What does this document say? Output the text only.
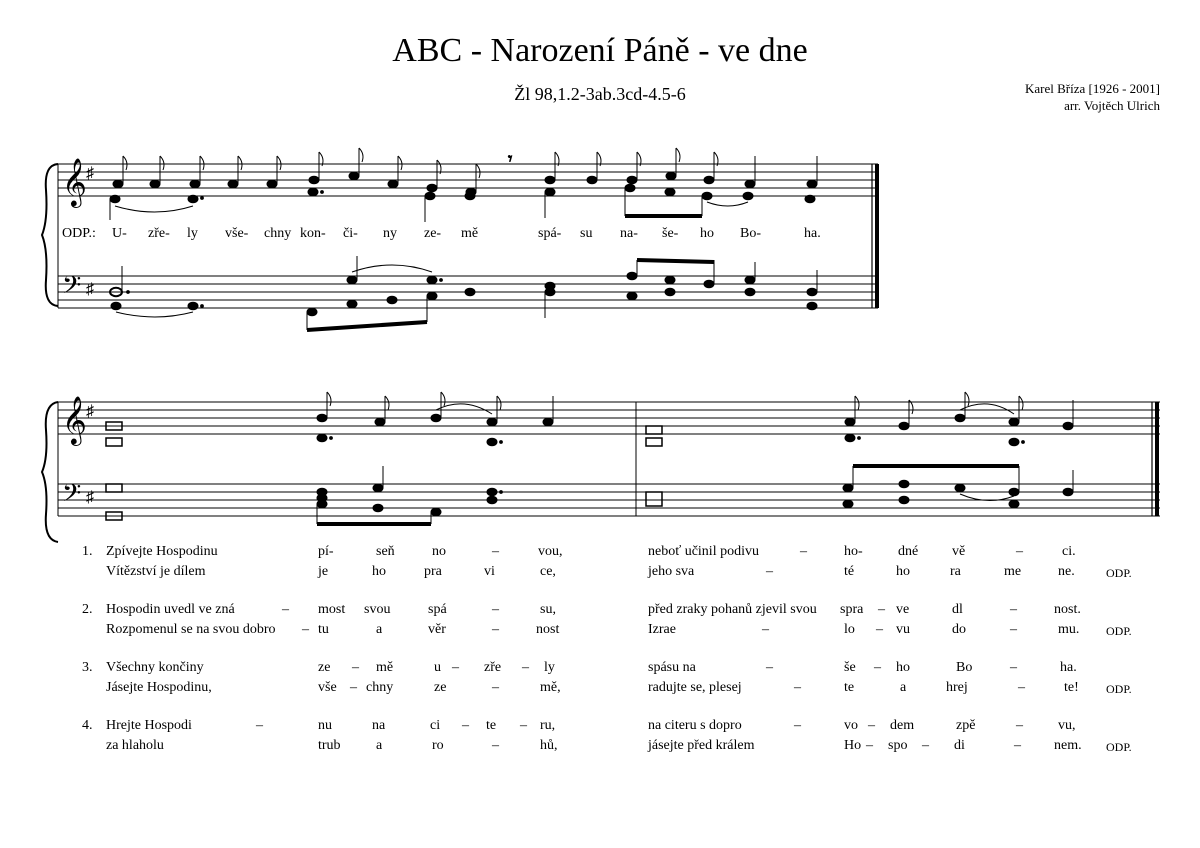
ABC - Narození Páně - ve dne
Žl 98,1.2-3ab.3cd-4.5-6	Karel Bříza [1926 - 2001]
arr. Vojtěch Ulrich
𝄞 ♯
𝄢 ♯
𝄾
𝄞 ♯
𝄢 ♯
ODP.: U- zře- ly vše- chny kon- či- ny ze- mě	spá- su na- še- ho Bo-	ha.
1. Zpívejte Hospodinu	pí-	seň	no	–	vou,	neboť učinil podivu	–	ho-	dné vě	–	ci.
Vítězství je dílem	je	ho	pra	vi	ce,	jeho sva	–	té	ho	ra	me	ne.	ODP.
2. Hospodin uvedl ve zná	– most svou	spá	–	su,	před zraky pohanů zjevil svou spra – ve	dl	–	nost.
Rozpomenul se na svou dobro – tu	a	věr	–	nost	Izrae	–	lo – vu	do	–	mu. ODP.
3. Všechny končiny	ze – mě	u – zře – ly	spásu na	–	še – ho	Bo	–	ha.
Jásejte Hospodinu,	vše – chny	ze	–	mě,	radujte se, plesej	–	te	a	hrej	–	te! ODP.
4. Hrejte Hospodi	–	nu	na	ci – te – ru,	na citeru s dopro	–	vo – dem	zpě	–	vu,
za hlaholu	trub	a	ro	–	hů,	jásejte před králem	Ho – spo – di	– nem. ODP.
